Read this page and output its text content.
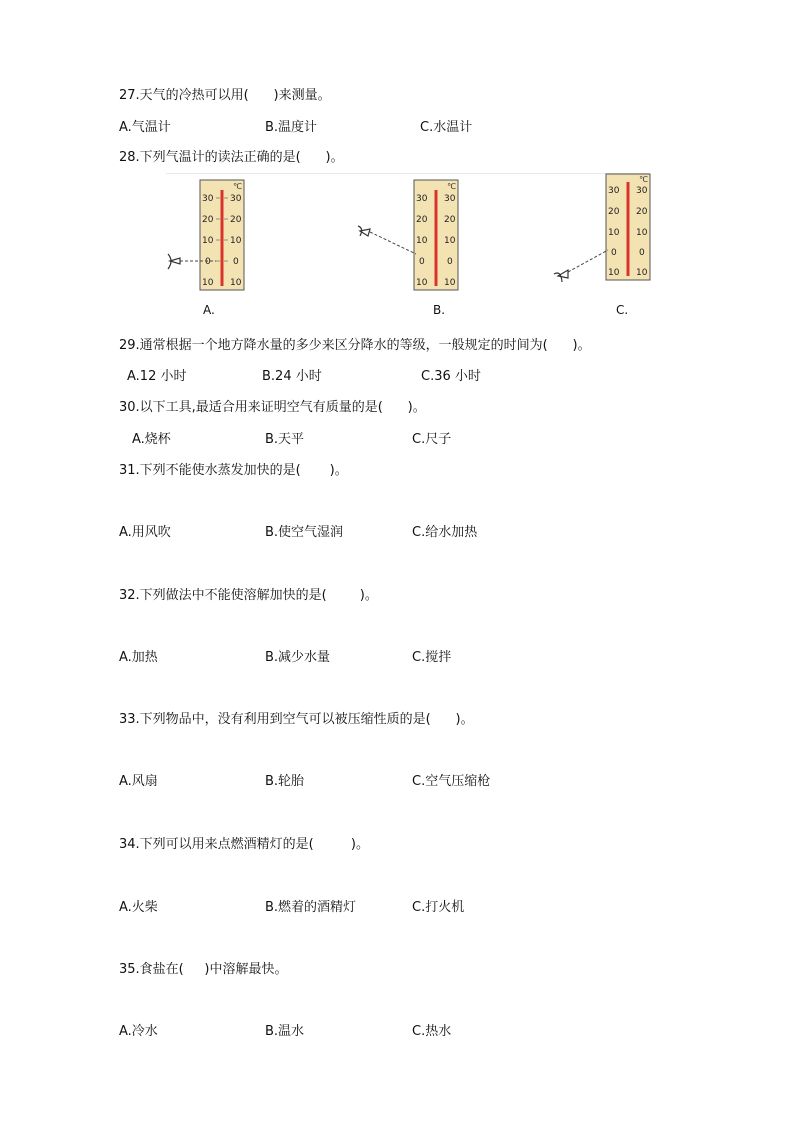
27.天气的冷热可以用(      )来测量。
A.气温计	B.温度计	C.水温计
28.下列气温计的读法正确的是(      )。
℃
30 30
20 20
10 10
0 0
10 10
A.
℃
30 30
20 20
10 10
0 0
10 10
B.
℃
30 30
20 20
10 10
0 0
10 10
C.
29.通常根据一个地方降水量的多少来区分降水的等级，一般规定的时间为(      )。
A.12 小时	B.24 小时	C.36 小时
30.以下工具,最适合用来证明空气有质量的是(      )。
A.烧杯	B.天平	C.尺子
31.下列不能使水蒸发加快的是(       )。
A.用风吹	B.使空气湿润	C.给水加热
32.下列做法中不能使溶解加快的是(        )。
A.加热	B.减少水量	C.搅拌
33.下列物品中，没有利用到空气可以被压缩性质的是(      )。
A.风扇	B.轮胎	C.空气压缩枪
34.下列可以用来点燃酒精灯的是(         )。
A.火柴	B.燃着的酒精灯	C.打火机
35.食盐在(     )中溶解最快。
A.冷水	B.温水	C.热水
